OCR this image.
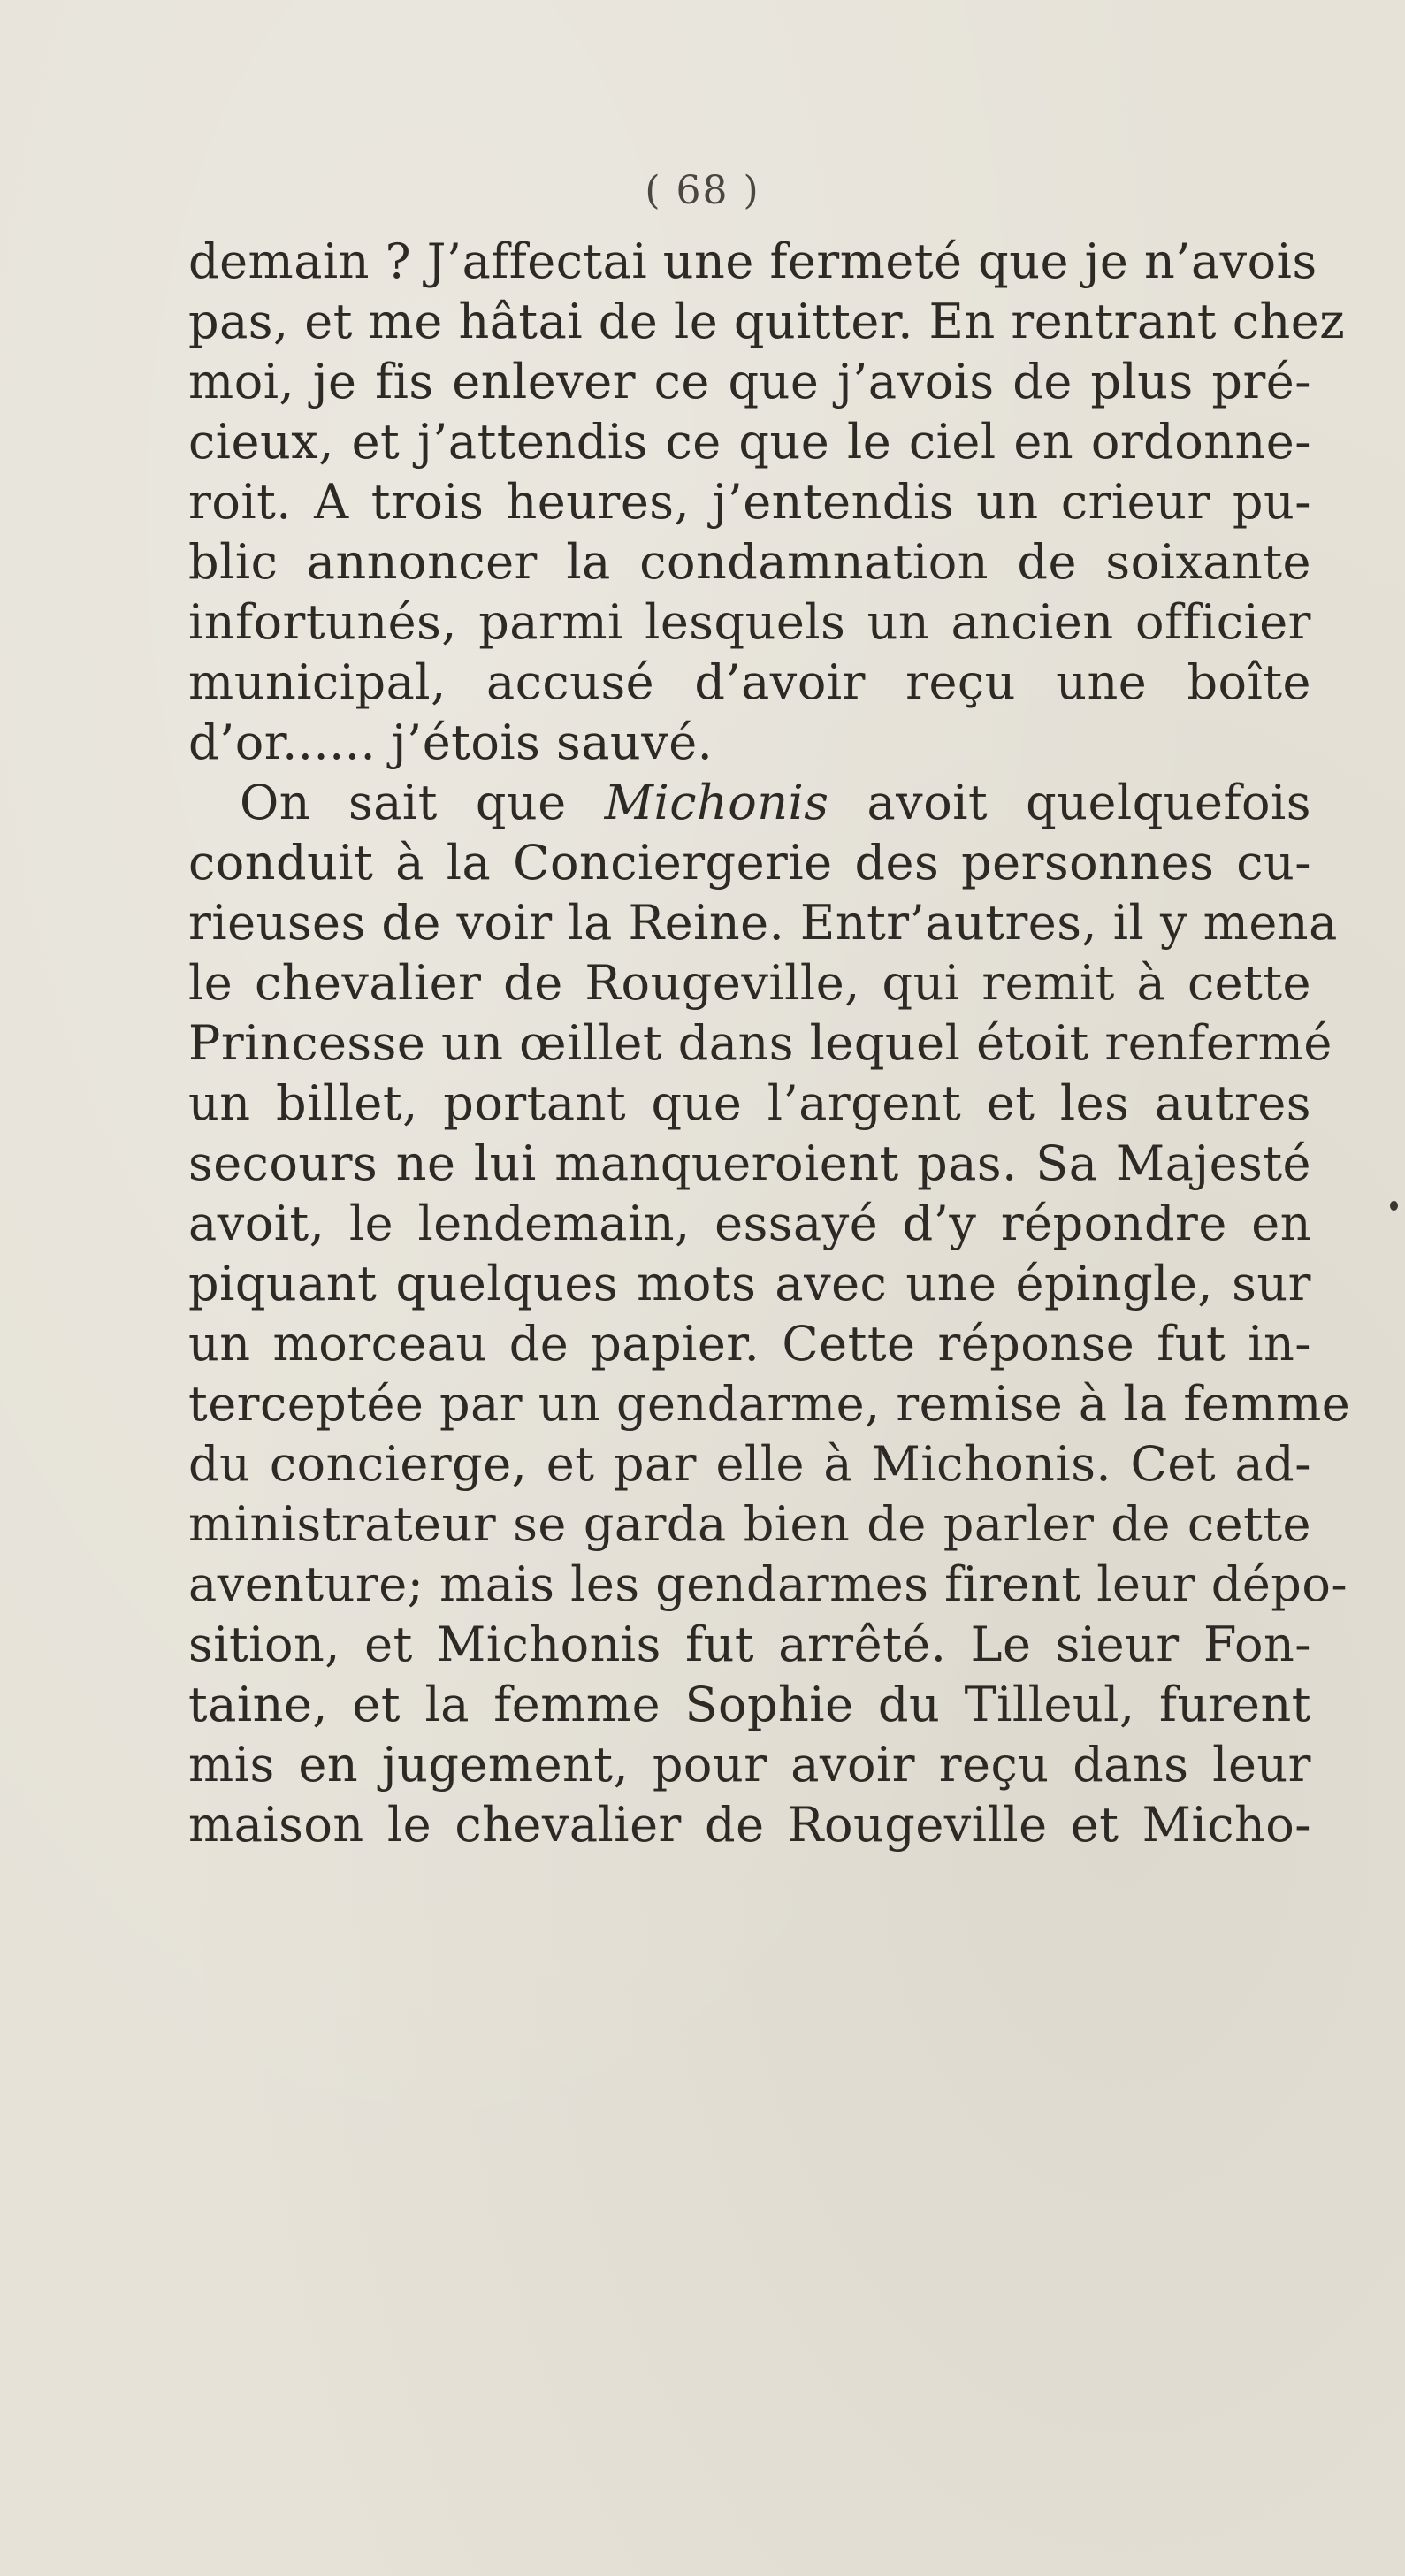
( 68 )
demain ? J’affectai une fermeté que je n’avois
pas, et me hâtai de le quitter. En rentrant chez
moi, je fis enlever ce que j’avois de plus pré-
cieux, et j’attendis ce que le ciel en ordonne-
roit. A trois heures, j’entendis un crieur pu-
blic annoncer la condamnation de soixante
infortunés, parmi lesquels un ancien officier
municipal, accusé d’avoir reçu une boîte
d’or...... j’étois sauvé.
On sait que Michonis avoit quelquefois
conduit à la Conciergerie des personnes cu-
rieuses de voir la Reine. Entr’autres, il y mena
le chevalier de Rougeville, qui remit à cette
Princesse un œillet dans lequel étoit renfermé
un billet, portant que l’argent et les autres
secours ne lui manqueroient pas. Sa Majesté
avoit, le lendemain, essayé d’y répondre en
piquant quelques mots avec une épingle, sur
un morceau de papier. Cette réponse fut in-
terceptée par un gendarme, remise à la femme
du concierge, et par elle à Michonis. Cet ad-
ministrateur se garda bien de parler de cette
aventure; mais les gendarmes firent leur dépo-
sition, et Michonis fut arrêté. Le sieur Fon-
taine, et la femme Sophie du Tilleul, furent
mis en jugement, pour avoir reçu dans leur
maison le chevalier de Rougeville et Micho-
